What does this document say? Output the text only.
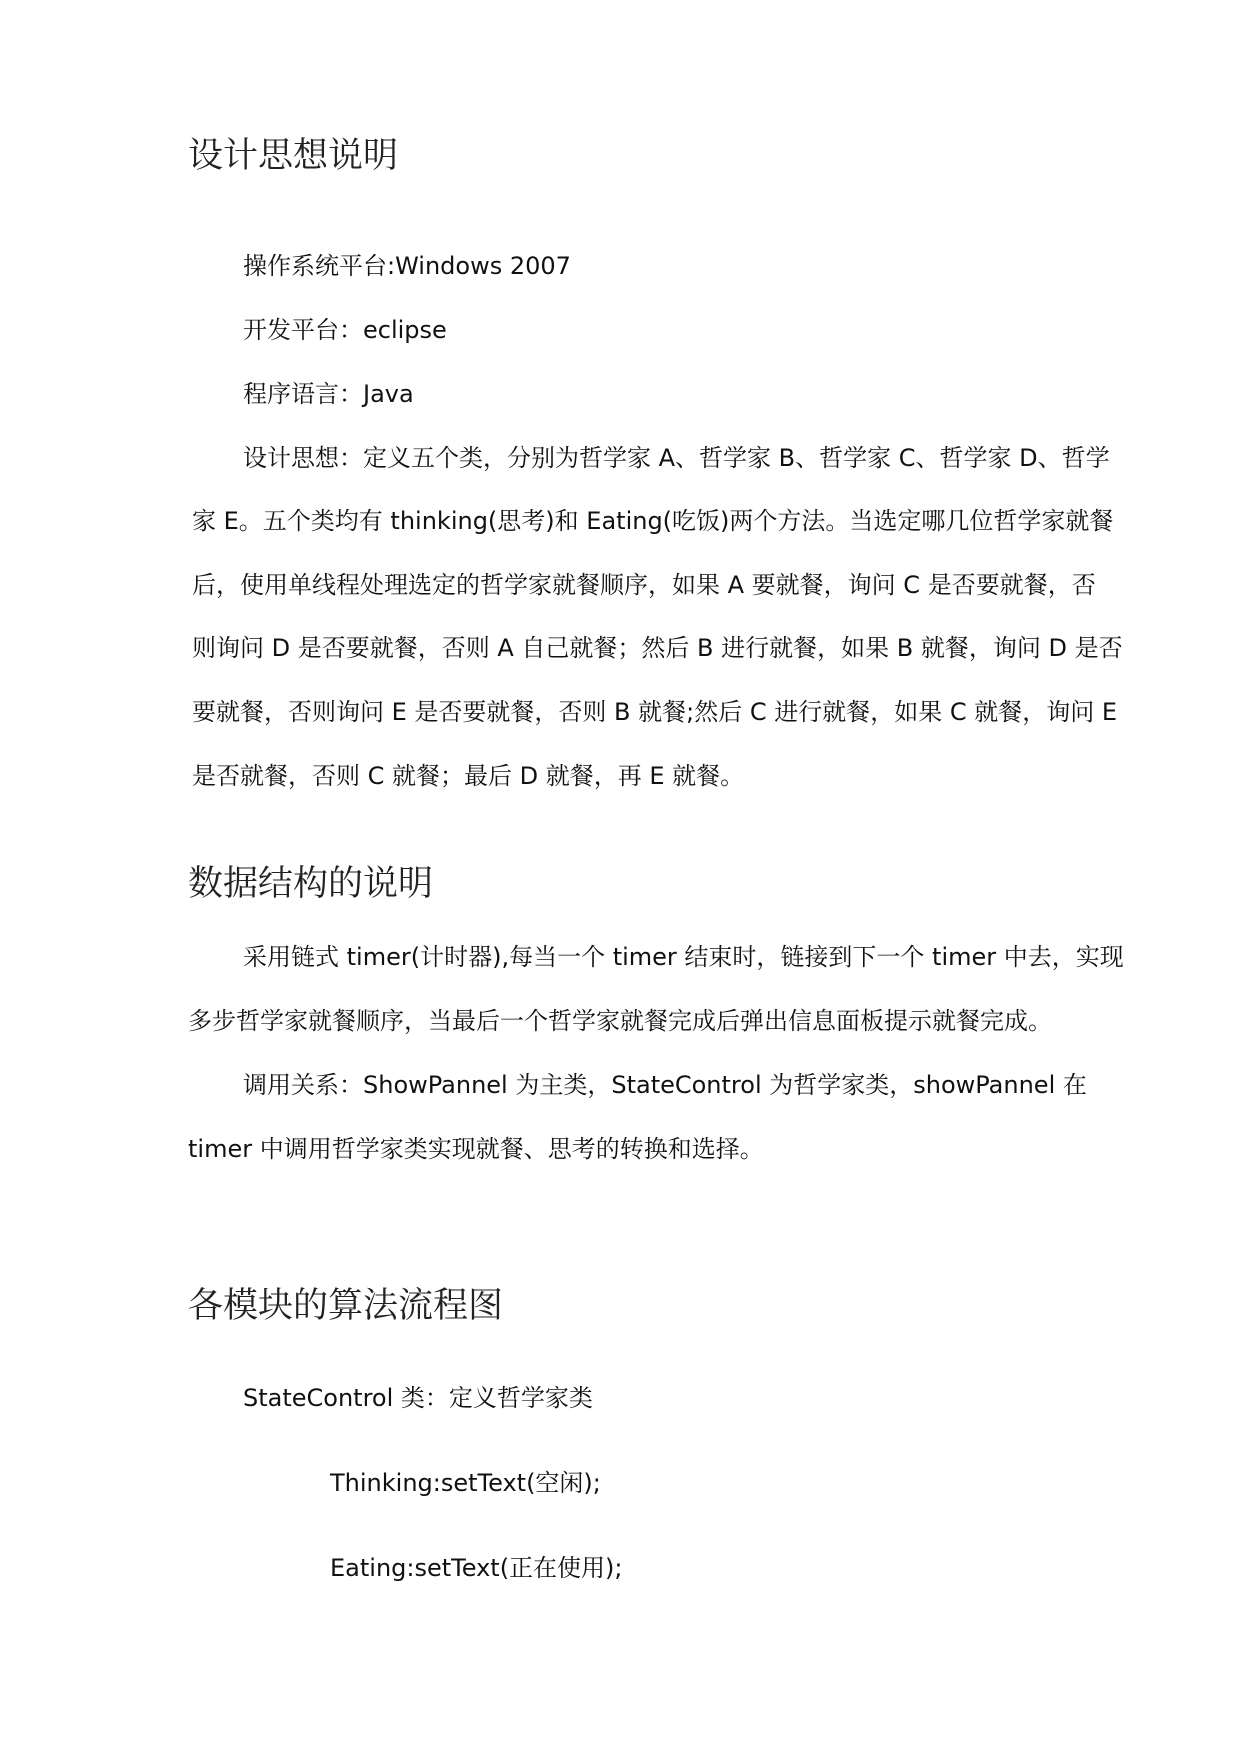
设计思想说明
操作系统平台:Windows 2007
开发平台：eclipse
程序语言：Java
设计思想：定义五个类，分别为哲学家 A、哲学家 B、哲学家 C、哲学家 D、哲学
家 E。五个类均有 thinking(思考)和 Eating(吃饭)两个方法。当选定哪几位哲学家就餐
后，使用单线程处理选定的哲学家就餐顺序，如果 A 要就餐，询问 C 是否要就餐，否
则询问 D 是否要就餐，否则 A 自己就餐；然后 B 进行就餐，如果 B 就餐，询问 D 是否
要就餐，否则询问 E 是否要就餐，否则 B 就餐;然后 C 进行就餐，如果 C 就餐，询问 E
是否就餐，否则 C 就餐；最后 D 就餐，再 E 就餐。
数据结构的说明
采用链式 timer(计时器),每当一个 timer 结束时，链接到下一个 timer 中去，实现
多步哲学家就餐顺序，当最后一个哲学家就餐完成后弹出信息面板提示就餐完成。
调用关系：ShowPannel 为主类，StateControl 为哲学家类，showPannel 在
timer 中调用哲学家类实现就餐、思考的转换和选择。
各模块的算法流程图
StateControl 类：定义哲学家类
Thinking:setText(空闲);
Eating:setText(正在使用);
